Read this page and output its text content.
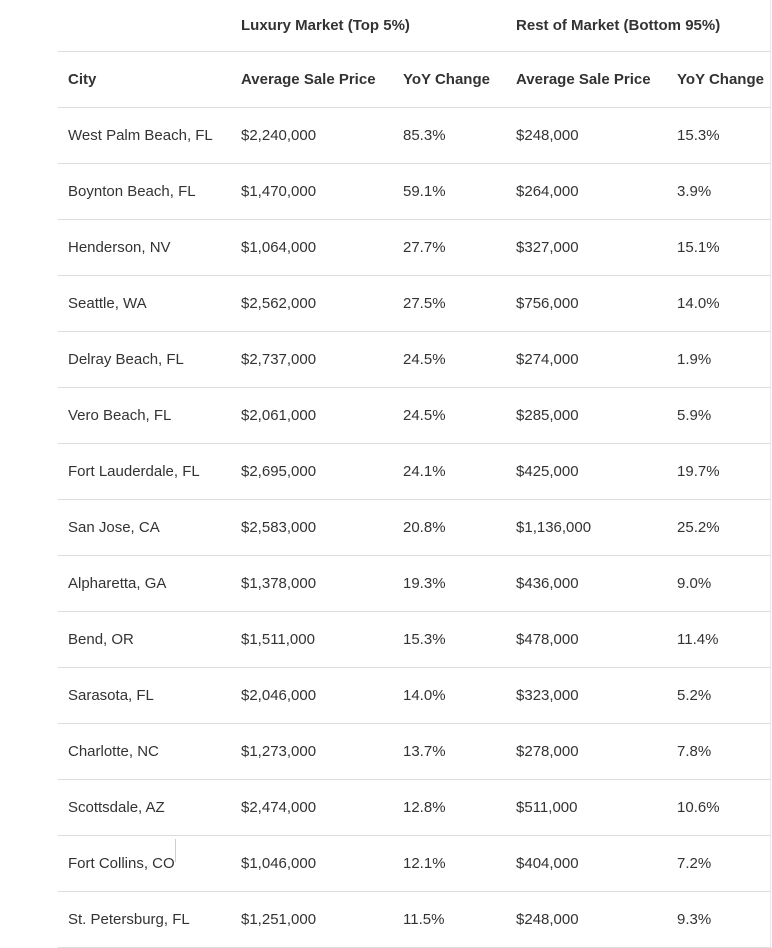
	Luxury Market (Top 5%)		Rest of Market (Bottom 95%)	
City	Average Sale Price	YoY Change	Average Sale Price	YoY Change
West Palm Beach, FL	$2,240,000	85.3%	$248,000	15.3%
Boynton Beach, FL	$1,470,000	59.1%	$264,000	3.9%
Henderson, NV	$1,064,000	27.7%	$327,000	15.1%
Seattle, WA	$2,562,000	27.5%	$756,000	14.0%
Delray Beach, FL	$2,737,000	24.5%	$274,000	1.9%
Vero Beach, FL	$2,061,000	24.5%	$285,000	5.9%
Fort Lauderdale, FL	$2,695,000	24.1%	$425,000	19.7%
San Jose, CA	$2,583,000	20.8%	$1,136,000	25.2%
Alpharetta, GA	$1,378,000	19.3%	$436,000	9.0%
Bend, OR	$1,511,000	15.3%	$478,000	11.4%
Sarasota, FL	$2,046,000	14.0%	$323,000	5.2%
Charlotte, NC	$1,273,000	13.7%	$278,000	7.8%
Scottsdale, AZ	$2,474,000	12.8%	$511,000	10.6%
Fort Collins, CO	$1,046,000	12.1%	$404,000	7.2%
St. Petersburg, FL	$1,251,000	11.5%	$248,000	9.3%
